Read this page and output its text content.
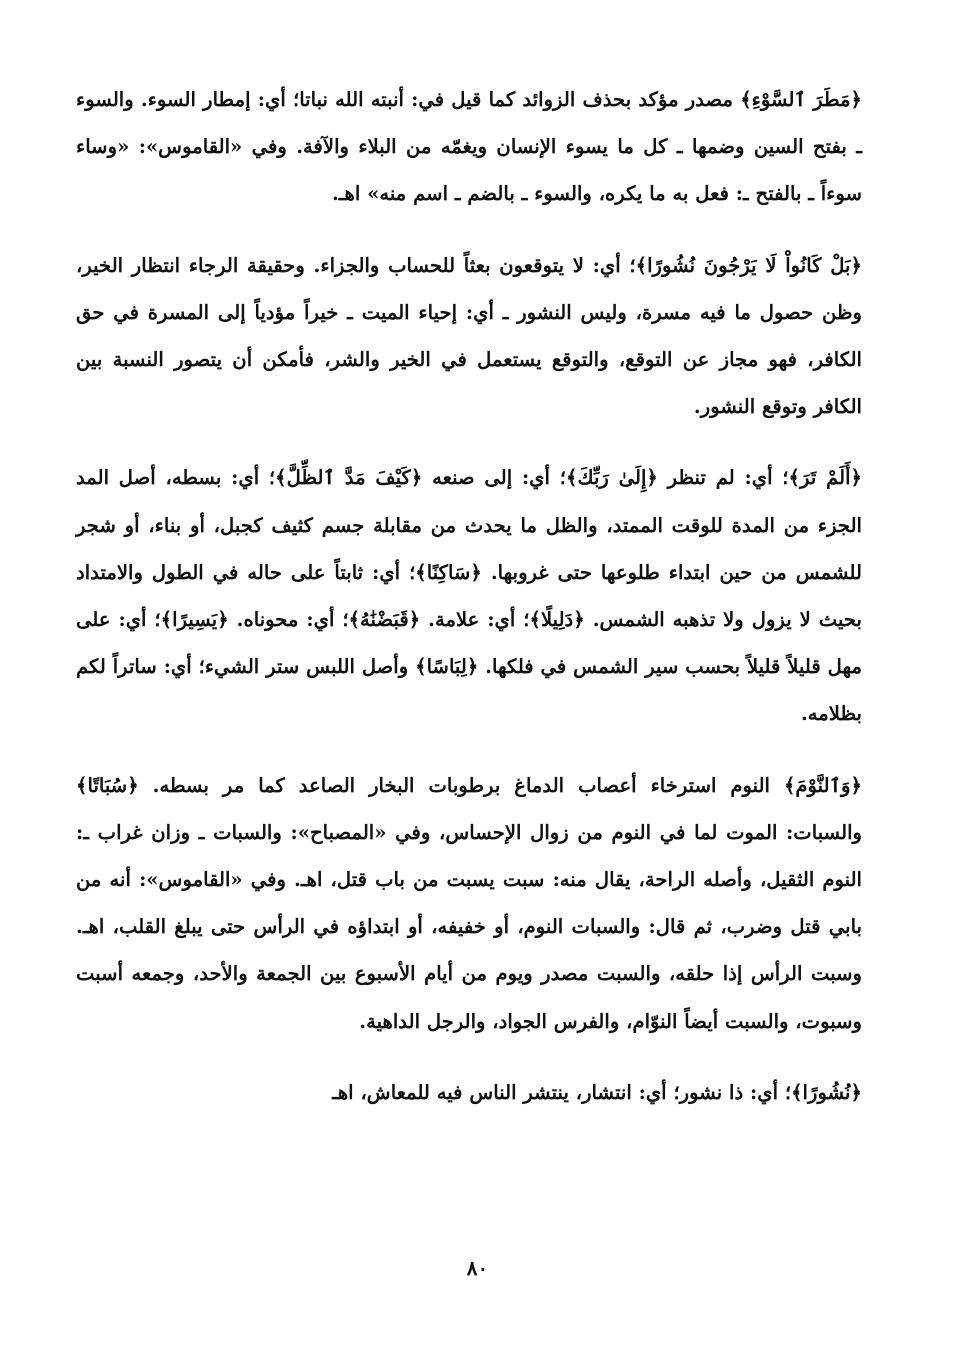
﴿مَطَرَ ٱلسَّوْءِ﴾ مصدر مؤكد بحذف الزوائد كما قيل في: أنبته الله نباتا؛ أي: إمطار السوء. والسوء ـ بفتح السين وضمها ـ كل ما يسوء الإنسان ويغمّه من البلاء والآفة. وفي «القاموس»: «وساء سوءاً ـ بالفتح ـ: فعل به ما يكره، والسوء ـ بالضم ـ اسم منه» اهـ.

﴿بَلْ كَانُواْ لَا يَرْجُونَ نُشُورًا﴾؛ أي: لا يتوقعون بعثاً للحساب والجزاء. وحقيقة الرجاء انتظار الخير، وظن حصول ما فيه مسرة، وليس النشور ـ أي: إحياء الميت ـ خيراً مؤدياً إلى المسرة في حق الكافر، فهو مجاز عن التوقع، والتوقع يستعمل في الخير والشر، فأمكن أن يتصور النسبة بين الكافر وتوقع النشور.

﴿أَلَمْ تَرَ﴾؛ أي: لم تنظر ﴿إِلَىٰ رَبِّكَ﴾؛ أي: إلى صنعه ﴿كَيْفَ مَدَّ ٱلظِّلَّ﴾؛ أي: بسطه، أصل المد الجزء من المدة للوقت الممتد، والظل ما يحدث من مقابلة جسم كثيف كجبل، أو بناء، أو شجر للشمس من حين ابتداء طلوعها حتى غروبها. ﴿سَاكِنًا﴾؛ أي: ثابتاً على حاله في الطول والامتداد بحيث لا يزول ولا تذهبه الشمس. ﴿دَلِيلًا﴾؛ أي: علامة. ﴿قَبَضْنَٰهُ﴾؛ أي: محوناه. ﴿يَسِيرًا﴾؛ أي: على مهل قليلاً قليلاً بحسب سير الشمس في فلكها. ﴿لِبَاسًا﴾ وأصل اللبس ستر الشيء؛ أي: ساتراً لكم بظلامه.

﴿وَٱلنَّوْمَ﴾ النوم استرخاء أعصاب الدماغ برطوبات البخار الصاعد كما مر بسطه. ﴿سُبَاتًا﴾ والسبات: الموت لما في النوم من زوال الإحساس، وفي «المصباح»: والسبات ـ وزان غراب ـ: النوم الثقيل، وأصله الراحة، يقال منه: سبت يسبت من باب قتل، اهـ. وفي «القاموس»: أنه من بابي قتل وضرب، ثم قال: والسبات النوم، أو خفيفه، أو ابتداؤه في الرأس حتى يبلغ القلب، اهـ. وسبت الرأس إذا حلقه، والسبت مصدر ويوم من أيام الأسبوع بين الجمعة والأحد، وجمعه أسبت وسبوت، والسبت أيضاً النوّام، والفرس الجواد، والرجل الداهية.

﴿نُشُورًا﴾؛ أي: ذا نشور؛ أي: انتشار، ينتشر الناس فيه للمعاش، اهـ

٨٠
